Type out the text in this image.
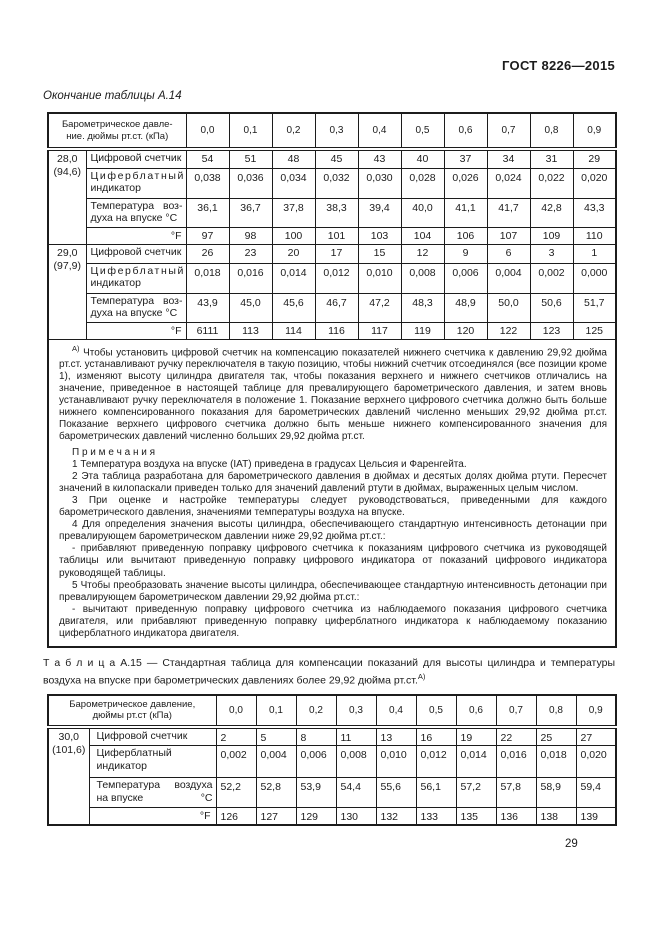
ГОСТ 8226—2015
Окончание таблицы А.14
Барометрическое давле-
ние. дюймы рт.ст. (кПа)		0,0	0,1	0,2	0,3	0,4	0,5	0,6	0,7	0,8	0,9

28,0
(94,6)	Цифровой счетчик	54	51	48	45	43	40	37	34	31	29

	Циферблатный
индикатор	0,038	0,036	0,034	0,032	0,030	0,028	0,026	0,024	0,022	0,020

	Температура воз-
духа на впуске °С	36,1	36,7	37,8	38,3	39,4	40,0	41,1	41,7	42,8	43,3
	°F	97	98	100	101	103	104	106	107	109	110

29,0
(97,9)	Цифровой счетчик	26	23	20	17	15	12	9	6	3	1

	Циферблатный
индикатор	0,018	0,016	0,014	0,012	0,010	0,008	0,006	0,004	0,002	0,000

	Температура воз-
духа на впуске °С	43,9	45,0	45,6	46,7	47,2	48,3	48,9	50,0	50,6	51,7
	°F	6111	113	114	116	117	119	120	122	123	125

$^{А)}$ Чтобы установить цифровой счетчик на компенсацию показателей нижнего счетчика к давлению 29,92 дюйма рт.ст. устанавливают ручку переключателя в такую позицию, чтобы нижний счетчик отсоединялся (все позиции кроме 1), изменяют высоту цилиндра двигателя так, чтобы показания верхнего и нижнего счетчиков отличались на значение, приведенное в настоящей таблице для превалирующего барометрического давления, и затем вновь устанавливают ручку переключателя в положение 1. Показание верхнего цифрового счетчика должно быть больше нижнего компенсированного показания для барометрических давлений численно меньших 29,92 дюйма рт.ст. Показание верхнего цифрового счетчика должно быть меньше нижнего компенсированного значения для барометрических давлений численно больших 29,92 дюйма рт.ст.

П р и м е ч а н и я

1 Температура воздуха на впуске (IAT) приведена в градусах Цельсия и Фаренгейта.

2 Эта таблица разработана для барометрического давления в дюймах и десятых долях дюйма ртути. Пересчет значений в килопаскали приведен только для значений давлений ртути в дюймах, выраженных целым числом.

3 При оценке и настройке температуры следует руководствоваться, приведенными для каждого барометрического давления, значениями температуры воздуха на впуске.

4 Для определения значения высоты цилиндра, обеспечивающего стандартную интенсивность детонации при превалирующем барометрическом давлении ниже 29,92 дюйма рт.ст.:

- прибавляют приведенную поправку цифрового счетчика к показаниям цифрового счетчика из руководящей таблицы или вычитают приведенную поправку цифрового индикатора от показаний цифрового индикатора руководящей таблицы.

5 Чтобы преобразовать значение высоты цилиндра, обеспечивающее стандартную интенсивность детонации при превалирующем барометрическом давлении 29,92 дюйма рт.ст.:

- вычитают приведенную поправку цифрового счетчика из наблюдаемого показания цифрового счетчика двигателя, или прибавляют приведенную поправку циферблатного индикатора к наблюдаемому показанию циферблатного индикатора двигателя.

Т а б л и ц а А.15 — Стандартная таблица для компенсации показаний для высоты цилиндра и температуры воздуха на впуске при барометрических давлениях более 29,92 дюйма рт.ст.$^{А)}$

Барометрическое давление,
дюймы рт.ст (кПа)		0,0	0,1	0,2	0,3	0,4	0,5	0,6	0,7	0,8	0,9

30,0
(101,6)	Цифровой счетчик	2	5	8	11	13	16	19	22	25	27

	Циферблатный
индикатор	0,002	0,004	0,006	0,008	0,010	0,012	0,014	0,016	0,018	0,020

	Температура воздуха
на впуске °С	52,2	52,8	53,9	54,4	55,6	56,1	57,2	57,8	58,9	59,4
	°F	126	127	129	130	132	133	135	136	138	139
29
